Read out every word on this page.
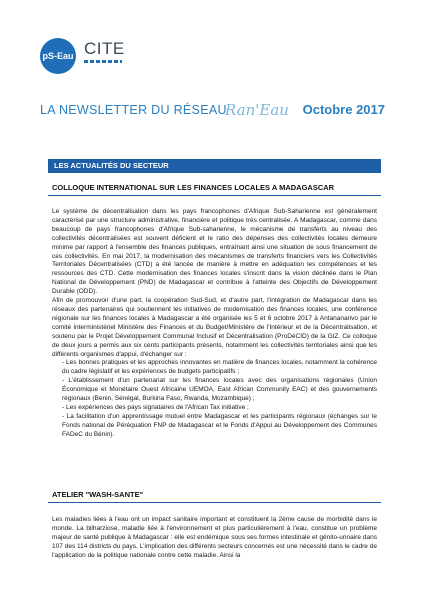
pS-Eau CITE
LA NEWSLETTER DU RÉSEAU
Ran'Eau Octobre 2017
LES ACTUALITÉS DU SECTEUR
COLLOQUE INTERNATIONAL SUR LES FINANCES LOCALES A MADAGASCAR

Le système de décentralisation dans les pays francophones d'Afrique Sub-Saharienne est généralement caractérisé par une structure administrative, financière et politique très centralisée. A Madagascar, comme dans beaucoup de pays francophones d'Afrique Sub-saharienne, le mécanisme de transferts au niveau des collectivités décentralisées est souvent déficient et le ratio des dépenses des collectivités locales demeure minime par rapport à l'ensemble des finances publiques, entraînant ainsi une situation de sous financement de ces collectivités. En mai 2017, la modernisation des mécanismes de transferts financiers vers les Collectivités Territoriales Décentralisées (CTD) a été lancée de manière à mettre en adéquation les compétences et les ressources des CTD. Cette modernisation des finances locales s'inscrit dans la vision déclinée dans le Plan National de Développement (PND) de Madagascar et contribue à l'atteinte des Objectifs de Développement Durable (ODD).

Afin de promouvoir d'une part, la coopération Sud-Sud, et d'autre part, l'intégration de Madagascar dans les réseaux des partenaires qui soutiennent les initiatives de modernisation des finances locales, une conférence régionale sur les finances locales à Madagascar a été organisée les 5 et 6 octobre 2017 à Antananarivo par le comité interministériel Ministère des Finances et du Budget/Ministère de l'Intérieur et de la Décentralisation, et soutenu par le Projet Développement Communal Inclusif et Décentralisation (ProDéCID) de la GIZ. Ce colloque de deux jours a permis aux six cents participants présents, notamment les collectivités territoriales ainsi que les différents organismes d'appui, d'échanger sur :

- Les bonnes pratiques et les approches innovantes en matière de finances locales, notamment la cohérence du cadre législatif et les expériences de budgets participatifs ;

- L'établissement d'un partenariat sur les finances locales avec des organisations régionales (Union Économique et Monétaire Ouest Africaine UEMOA, East African Community EAC) et des gouvernements régionaux (Benin, Sénégal, Burkina Faso, Rwanda, Mozambique) ;

- Les expériences des pays signataires de l'African Tax initiative ;

- La facilitation d'un apprentissage mutuel entre Madagascar et les participants régionaux (échanges sur le Fonds national de Péréquation FNP de Madagascar et le Fonds d'Appui au Développement des Communes FADeC du Bénin).

ATELIER "WASH-SANTE"

Les maladies liées à l'eau ont un impact sanitaire important et constituent la 2ème cause de morbidité dans le monde. La bilharziose, maladie liée à l'environnement et plus particulièrement à l'eau, constitue un problème majeur de santé publique à Madagascar : elle est endémique sous ses formes intestinale et génito-urinaire dans 107 des 114 districts du pays. L'implication des différents secteurs concernés est une nécessité dans le cadre de l'application de la politique nationale contre cette maladie. Ainsi la
